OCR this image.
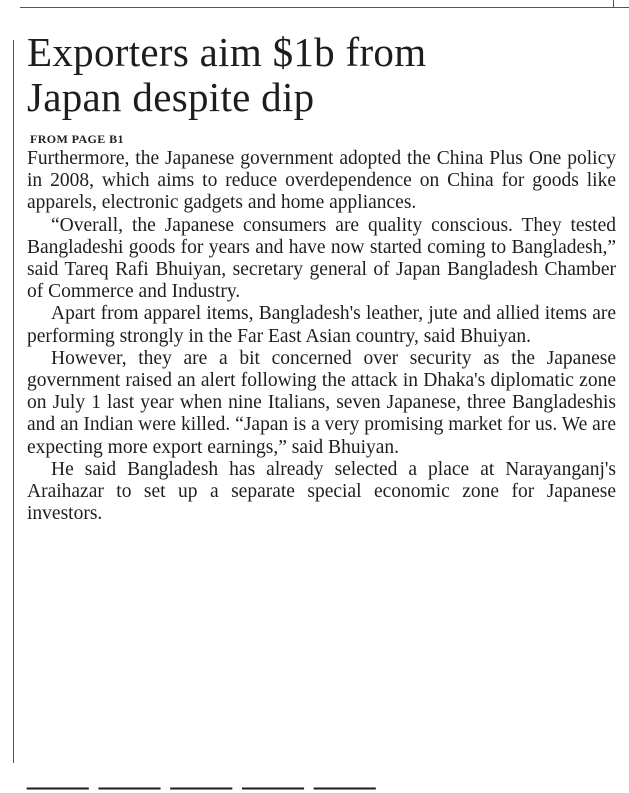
Exporters aim $1b from
Japan despite dip
FROM PAGE B1

Furthermore, the Japanese government adopted the China Plus One policy in 2008, which aims to reduce overdependence on China for goods like apparels, electronic gadgets and home appliances.

“Overall, the Japanese consumers are quality conscious. They tested Bangladeshi goods for years and have now started coming to Bangladesh,” said Tareq Rafi Bhuiyan, secretary general of Japan Bangladesh Chamber of Commerce and Industry.

Apart from apparel items, Bangladesh's leather, jute and allied items are performing strongly in the Far East Asian country, said Bhuiyan.

However, they are a bit concerned over security as the Japanese government raised an alert following the attack in Dhaka's diplomatic zone on July 1 last year when nine Italians, seven Japanese, three Bangladeshis and an Indian were killed. “Japan is a very promising market for us. We are expecting more export earnings,” said Bhuiyan.

He said Bangladesh has already selected a place at Narayanganj's Araihazar to set up a separate special economic zone for Japanese investors.

___ ___ ___ ___ ___
